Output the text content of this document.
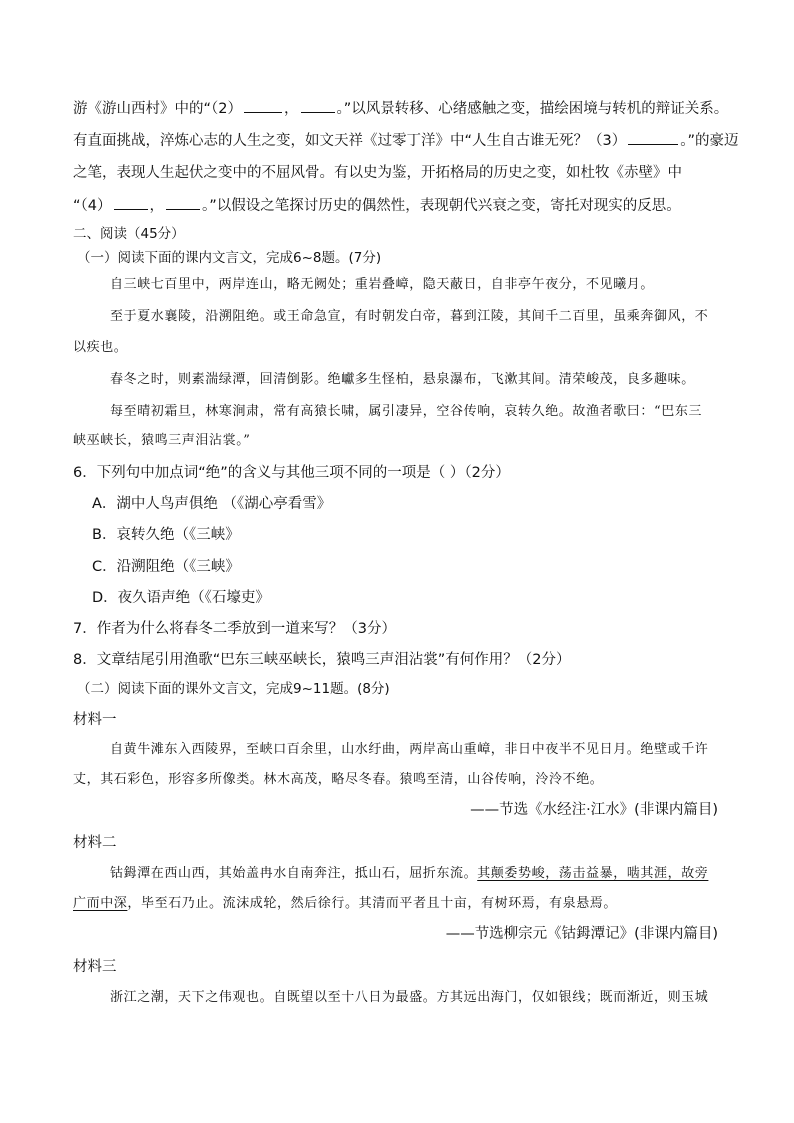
游《游山西村》中的“（2）	，	。”以风景转移、心绪感触之变，描绘困境与转机的辩证关系。
有直面挑战，淬炼心志的人生之变，如文天祥《过零丁洋》中“人生自古谁无死？（3）	。”的豪迈
之笔，表现人生起伏之变中的不屈风骨。有以史为鉴，开拓格局的历史之变，如杜牧《赤壁》中
“（4）	，	。”以假设之笔探讨历史的偶然性，表现朝代兴衰之变，寄托对现实的反思。
二、阅读（45分）
（一）阅读下面的课内文言文，完成6~8题。(7分)
自三峡七百里中，两岸连山，略无阙处；重岩叠嶂，隐天蔽日，自非亭午夜分，不见曦月。
至于夏水襄陵，沿溯阻绝。或王命急宣，有时朝发白帝，暮到江陵，其间千二百里，虽乘奔御风，不
以疾也。
春冬之时，则素湍绿潭，回清倒影。绝巘多生怪柏，悬泉瀑布，飞漱其间。清荣峻茂，良多趣味。
每至晴初霜旦，林寒涧肃，常有高猿长啸，属引凄异，空谷传响，哀转久绝。故渔者歌曰：“巴东三
峡巫峡长，猿鸣三声泪沾裳。”
6．下列句中加点词“绝”的含义与其他三项不同的一项是（ ）（2分）
A．湖中人鸟声俱绝 （《湖心亭看雪》
B．哀转久绝（《三峡》
C．沿溯阻绝（《三峡》
D．夜久语声绝（《石壕吏》
7．作者为什么将春冬二季放到一道来写？（3分）
8．文章结尾引用渔歌“巴东三峡巫峡长，猿鸣三声泪沾裳”有何作用？（2分）
（二）阅读下面的课外文言文，完成9~11题。(8分)
材料一
自黄牛滩东入西陵界，至峡口百余里，山水纡曲，两岸高山重嶂，非日中夜半不见日月。绝壁或千许
丈，其石彩色，形容多所像类。林木高茂，略尽冬春。猿鸣至清，山谷传响，泠泠不绝。
——节选《水经注·江水》(非课内篇目)
材料二
钴鉧潭在西山西，其始盖冉水自南奔注，抵山石，屈折东流。其颠委势峻，荡击益暴，啮其涯，故旁
广而中深，毕至石乃止。流沫成轮，然后徐行。其清而平者且十亩，有树环焉，有泉悬焉。
——节选柳宗元《钴鉧潭记》(非课内篇目)
材料三
浙江之潮，天下之伟观也。自既望以至十八日为最盛。方其远出海门，仅如银线；既而渐近，则玉城
